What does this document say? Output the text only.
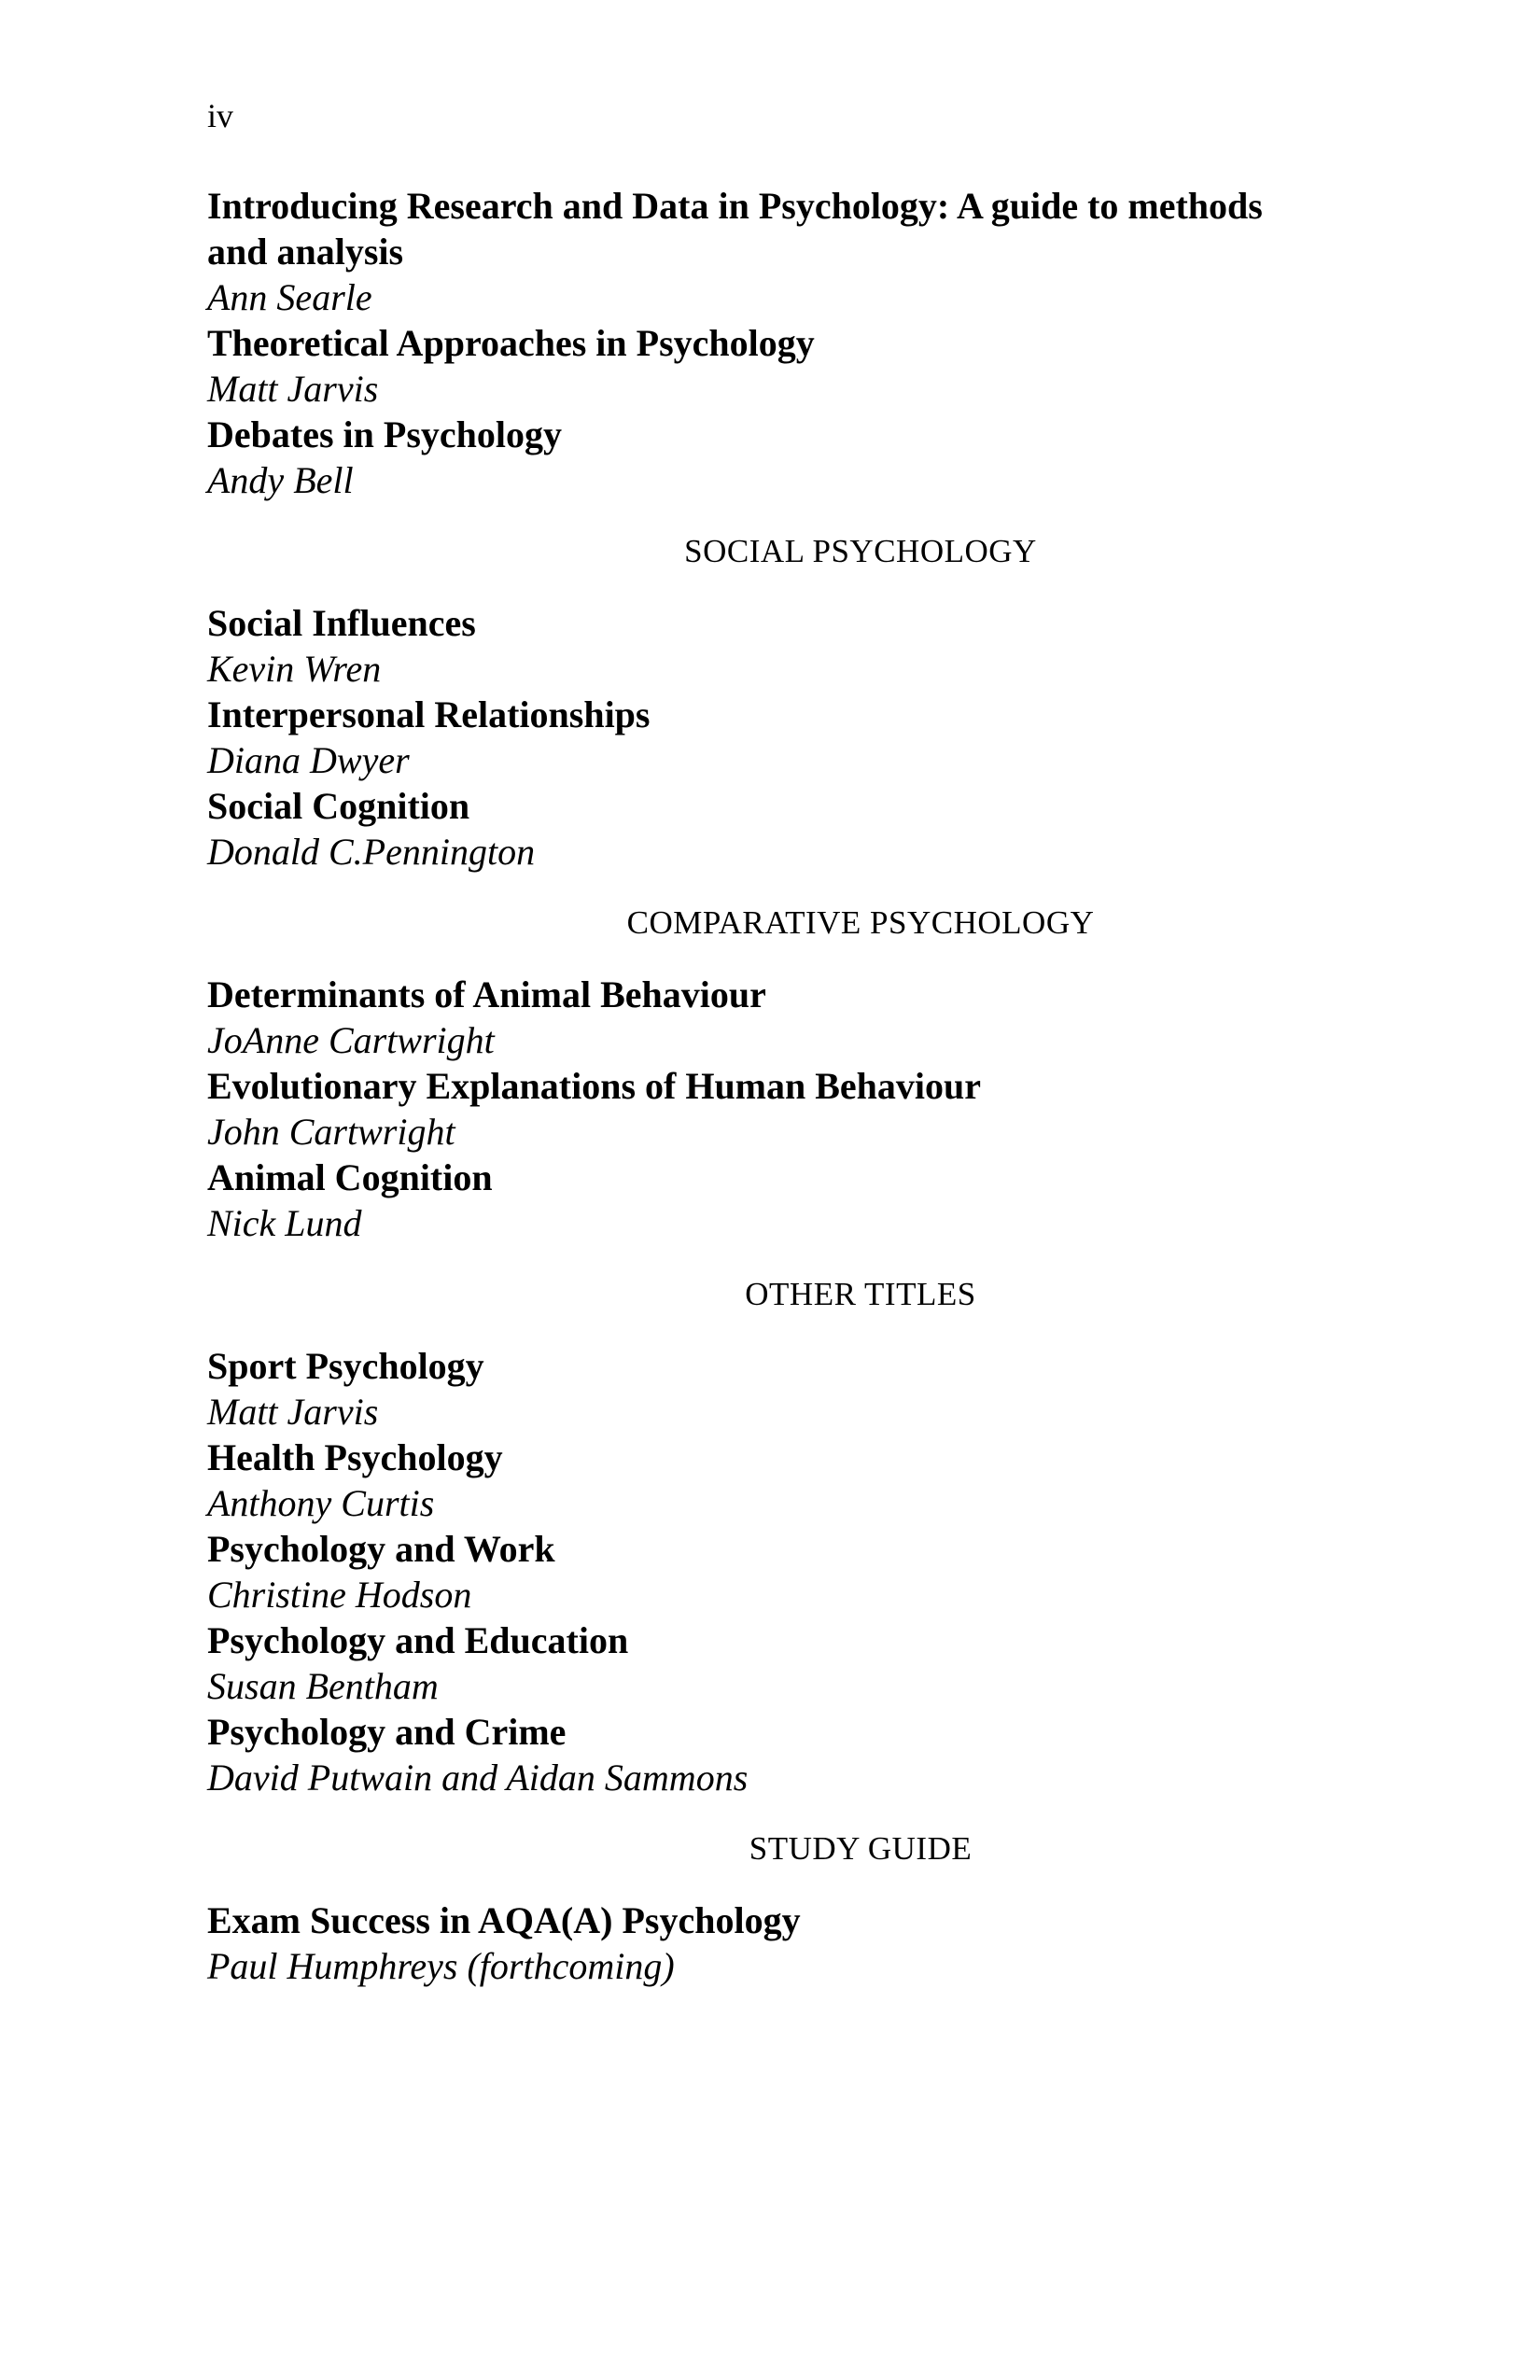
iv

Introducing Research and Data in Psychology: A guide to methods

and analysis

Ann Searle

Theoretical Approaches in Psychology

Matt Jarvis

Debates in Psychology

Andy Bell

SOCIAL PSYCHOLOGY

Social Influences

Kevin Wren

Interpersonal Relationships

Diana Dwyer

Social Cognition

Donald C.Pennington

COMPARATIVE PSYCHOLOGY

Determinants of Animal Behaviour

JoAnne Cartwright

Evolutionary Explanations of Human Behaviour

John Cartwright

Animal Cognition

Nick Lund

OTHER TITLES

Sport Psychology

Matt Jarvis

Health Psychology

Anthony Curtis

Psychology and Work

Christine Hodson

Psychology and Education

Susan Bentham

Psychology and Crime

David Putwain and Aidan Sammons

STUDY GUIDE

Exam Success in AQA(A) Psychology

Paul Humphreys (forthcoming)
